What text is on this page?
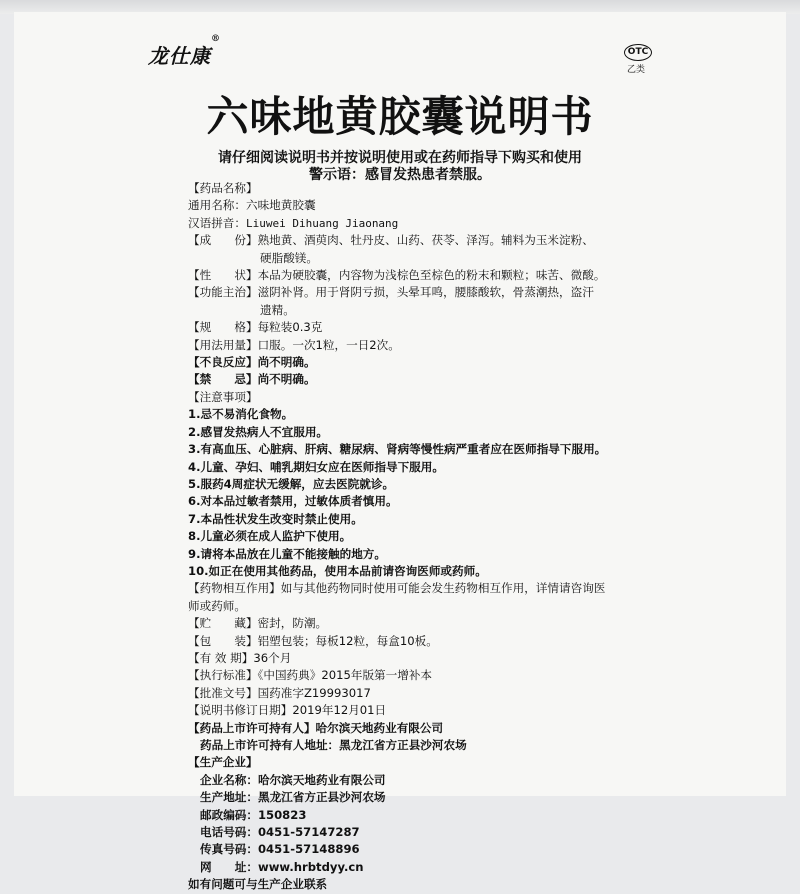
龙仕康
®
OTC
乙类
六味地黄胶囊说明书
请仔细阅读说明书并按说明使用或在药师指导下购买和使用
警示语：感冒发热患者禁服。
【药品名称】
通用名称：六味地黄胶囊
汉语拼音：Liuwei Dihuang Jiaonang
【成　　份】熟地黄、酒萸肉、牡丹皮、山药、茯苓、泽泻。辅料为玉米淀粉、
硬脂酸镁。
【性　　状】本品为硬胶囊，内容物为浅棕色至棕色的粉末和颗粒；味苦、微酸。
【功能主治】滋阴补肾。用于肾阴亏损，头晕耳鸣，腰膝酸软，骨蒸潮热，盗汗
遗精。
【规　　格】每粒装0.3克
【用法用量】口服。一次1粒，一日2次。
【不良反应】尚不明确。
【禁　　忌】尚不明确。
【注意事项】
1.忌不易消化食物。
2.感冒发热病人不宜服用。
3.有高血压、心脏病、肝病、糖尿病、肾病等慢性病严重者应在医师指导下服用。
4.儿童、孕妇、哺乳期妇女应在医师指导下服用。
5.服药4周症状无缓解，应去医院就诊。
6.对本品过敏者禁用，过敏体质者慎用。
7.本品性状发生改变时禁止使用。
8.儿童必须在成人监护下使用。
9.请将本品放在儿童不能接触的地方。
10.如正在使用其他药品，使用本品前请咨询医师或药师。
【药物相互作用】如与其他药物同时使用可能会发生药物相互作用，详情请咨询医
师或药师。
【贮　　藏】密封，防潮。
【包　　装】铝塑包装；每板12粒，每盒10板。
【有 效 期】36个月
【执行标准】《中国药典》2015年版第一增补本
【批准文号】国药准字Z19993017
【说明书修订日期】2019年12月01日
【药品上市许可持有人】哈尔滨天地药业有限公司
药品上市许可持有人地址：黑龙江省方正县沙河农场
【生产企业】
企业名称：哈尔滨天地药业有限公司
生产地址：黑龙江省方正县沙河农场
邮政编码：150823
电话号码：0451-57147287
传真号码：0451-57148896
网　　址：www.hrbtdyy.cn
如有问题可与生产企业联系
